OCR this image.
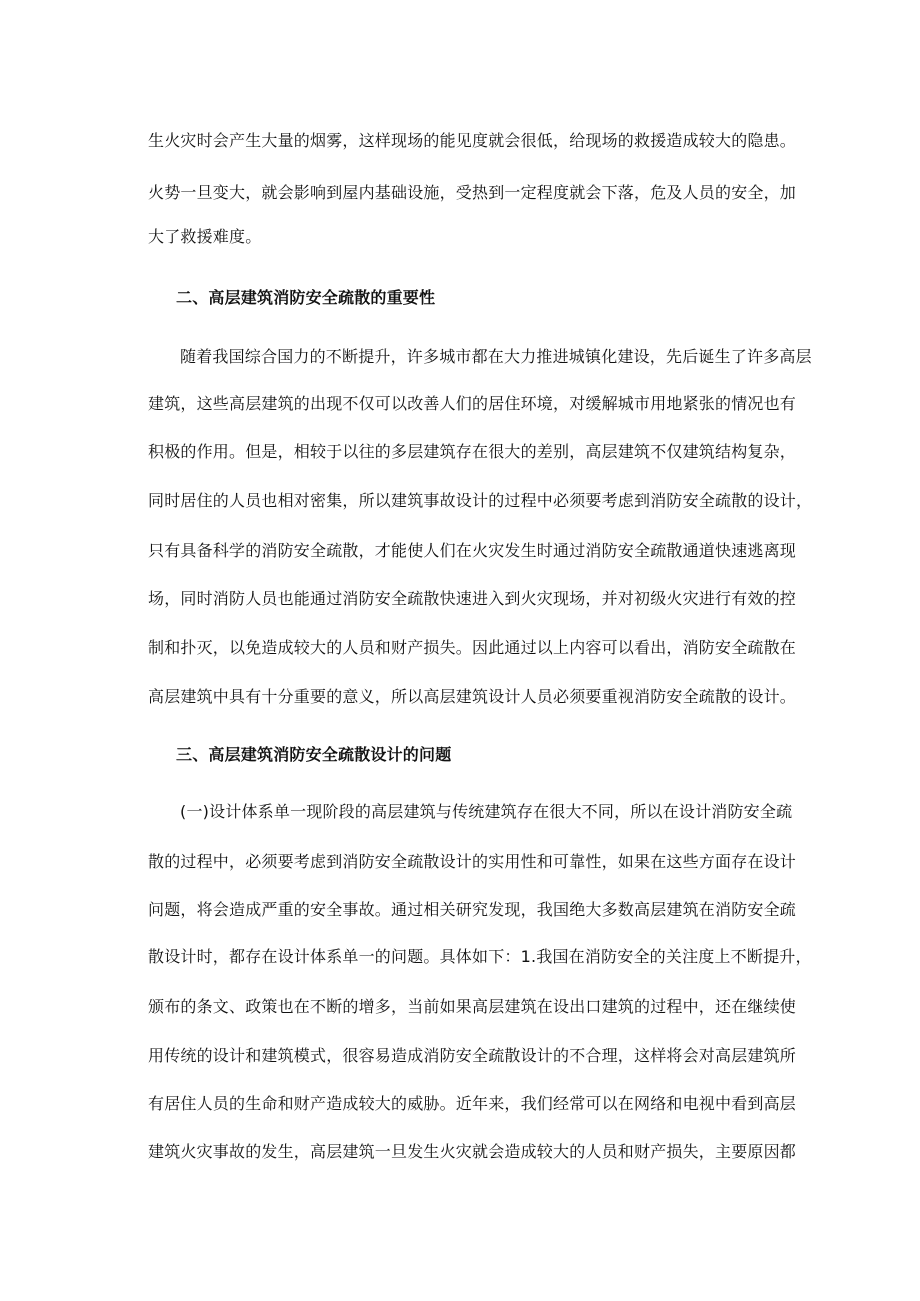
生火灾时会产生大量的烟雾，这样现场的能见度就会很低，给现场的救援造成较大的隐患。
火势一旦变大，就会影响到屋内基础设施，受热到一定程度就会下落，危及人员的安全，加
大了救援难度。
二、高层建筑消防安全疏散的重要性
随着我国综合国力的不断提升，许多城市都在大力推进城镇化建设，先后诞生了许多高层
建筑，这些高层建筑的出现不仅可以改善人们的居住环境，对缓解城市用地紧张的情况也有
积极的作用。但是，相较于以往的多层建筑存在很大的差别，高层建筑不仅建筑结构复杂，
同时居住的人员也相对密集，所以建筑事故设计的过程中必须要考虑到消防安全疏散的设计，
只有具备科学的消防安全疏散，才能使人们在火灾发生时通过消防安全疏散通道快速逃离现
场，同时消防人员也能通过消防安全疏散快速进入到火灾现场，并对初级火灾进行有效的控
制和扑灭，以免造成较大的人员和财产损失。因此通过以上内容可以看出，消防安全疏散在
高层建筑中具有十分重要的意义，所以高层建筑设计人员必须要重视消防安全疏散的设计。
三、高层建筑消防安全疏散设计的问题
(一)设计体系单一现阶段的高层建筑与传统建筑存在很大不同，所以在设计消防安全疏
散的过程中，必须要考虑到消防安全疏散设计的实用性和可靠性，如果在这些方面存在设计
问题，将会造成严重的安全事故。通过相关研究发现，我国绝大多数高层建筑在消防安全疏
散设计时，都存在设计体系单一的问题。具体如下：1.我国在消防安全的关注度上不断提升，
颁布的条文、政策也在不断的增多，当前如果高层建筑在设出口建筑的过程中，还在继续使
用传统的设计和建筑模式，很容易造成消防安全疏散设计的不合理，这样将会对高层建筑所
有居住人员的生命和财产造成较大的威胁。近年来，我们经常可以在网络和电视中看到高层
建筑火灾事故的发生，高层建筑一旦发生火灾就会造成较大的人员和财产损失，主要原因都
